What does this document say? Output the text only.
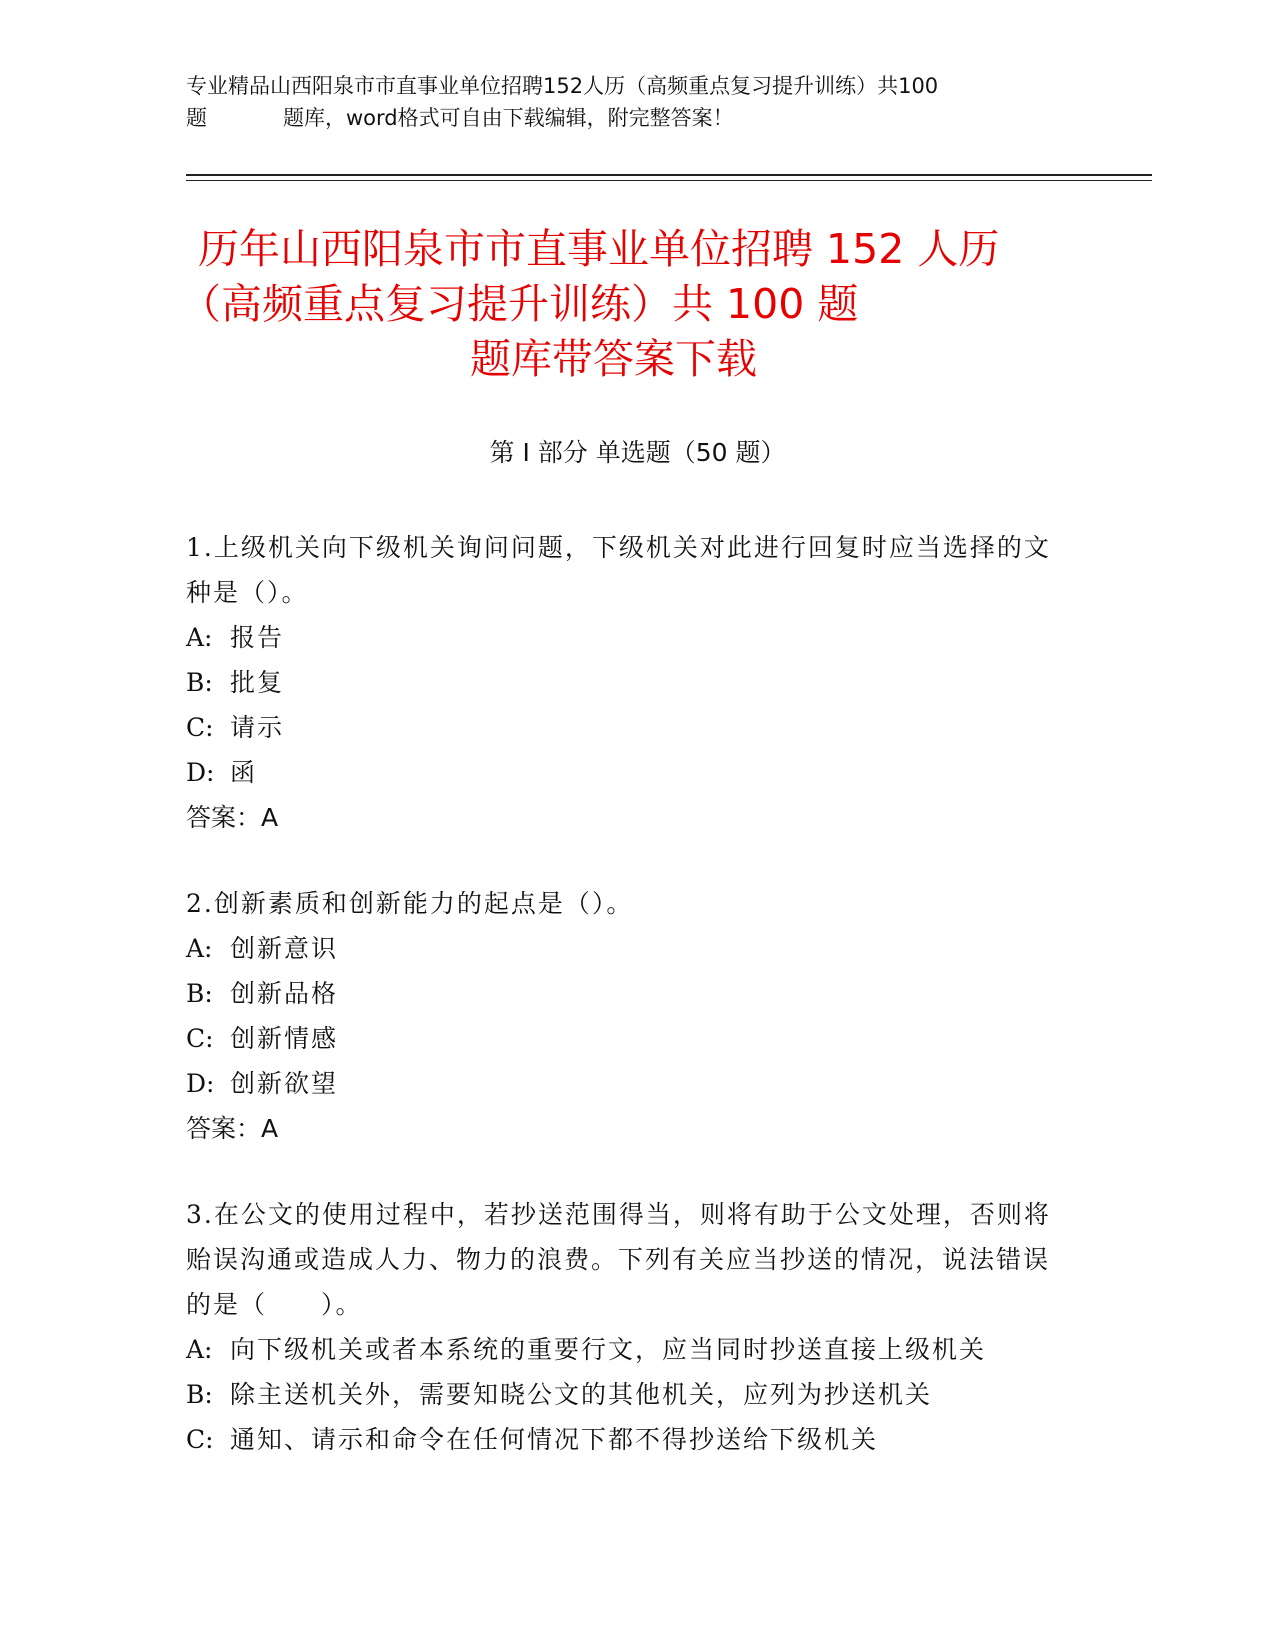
专业精品山西阳泉市市直事业单位招聘152人历（高频重点复习提升训练）共100
题	题库，word格式可自由下载编辑，附完整答案！
历年山西阳泉市市直事业单位招聘 152 人历
（高频重点复习提升训练）共 100 题
题库带答案下载
第 I 部分 单选题（50 题）
1.上级机关向下级机关询问问题，下级机关对此进行回复时应当选择的文种是（）。
A: 报告
B: 批复
C: 请示
D: 函
答案：A
2.创新素质和创新能力的起点是（）。
A: 创新意识
B: 创新品格
C: 创新情感
D: 创新欲望
答案：A
3.在公文的使用过程中，若抄送范围得当，则将有助于公文处理，否则将贻误沟通或造成人力、物力的浪费。下列有关应当抄送的情况，说法错误的是（　　）。
A: 向下级机关或者本系统的重要行文，应当同时抄送直接上级机关
B: 除主送机关外，需要知晓公文的其他机关，应列为抄送机关
C: 通知、请示和命令在任何情况下都不得抄送给下级机关
